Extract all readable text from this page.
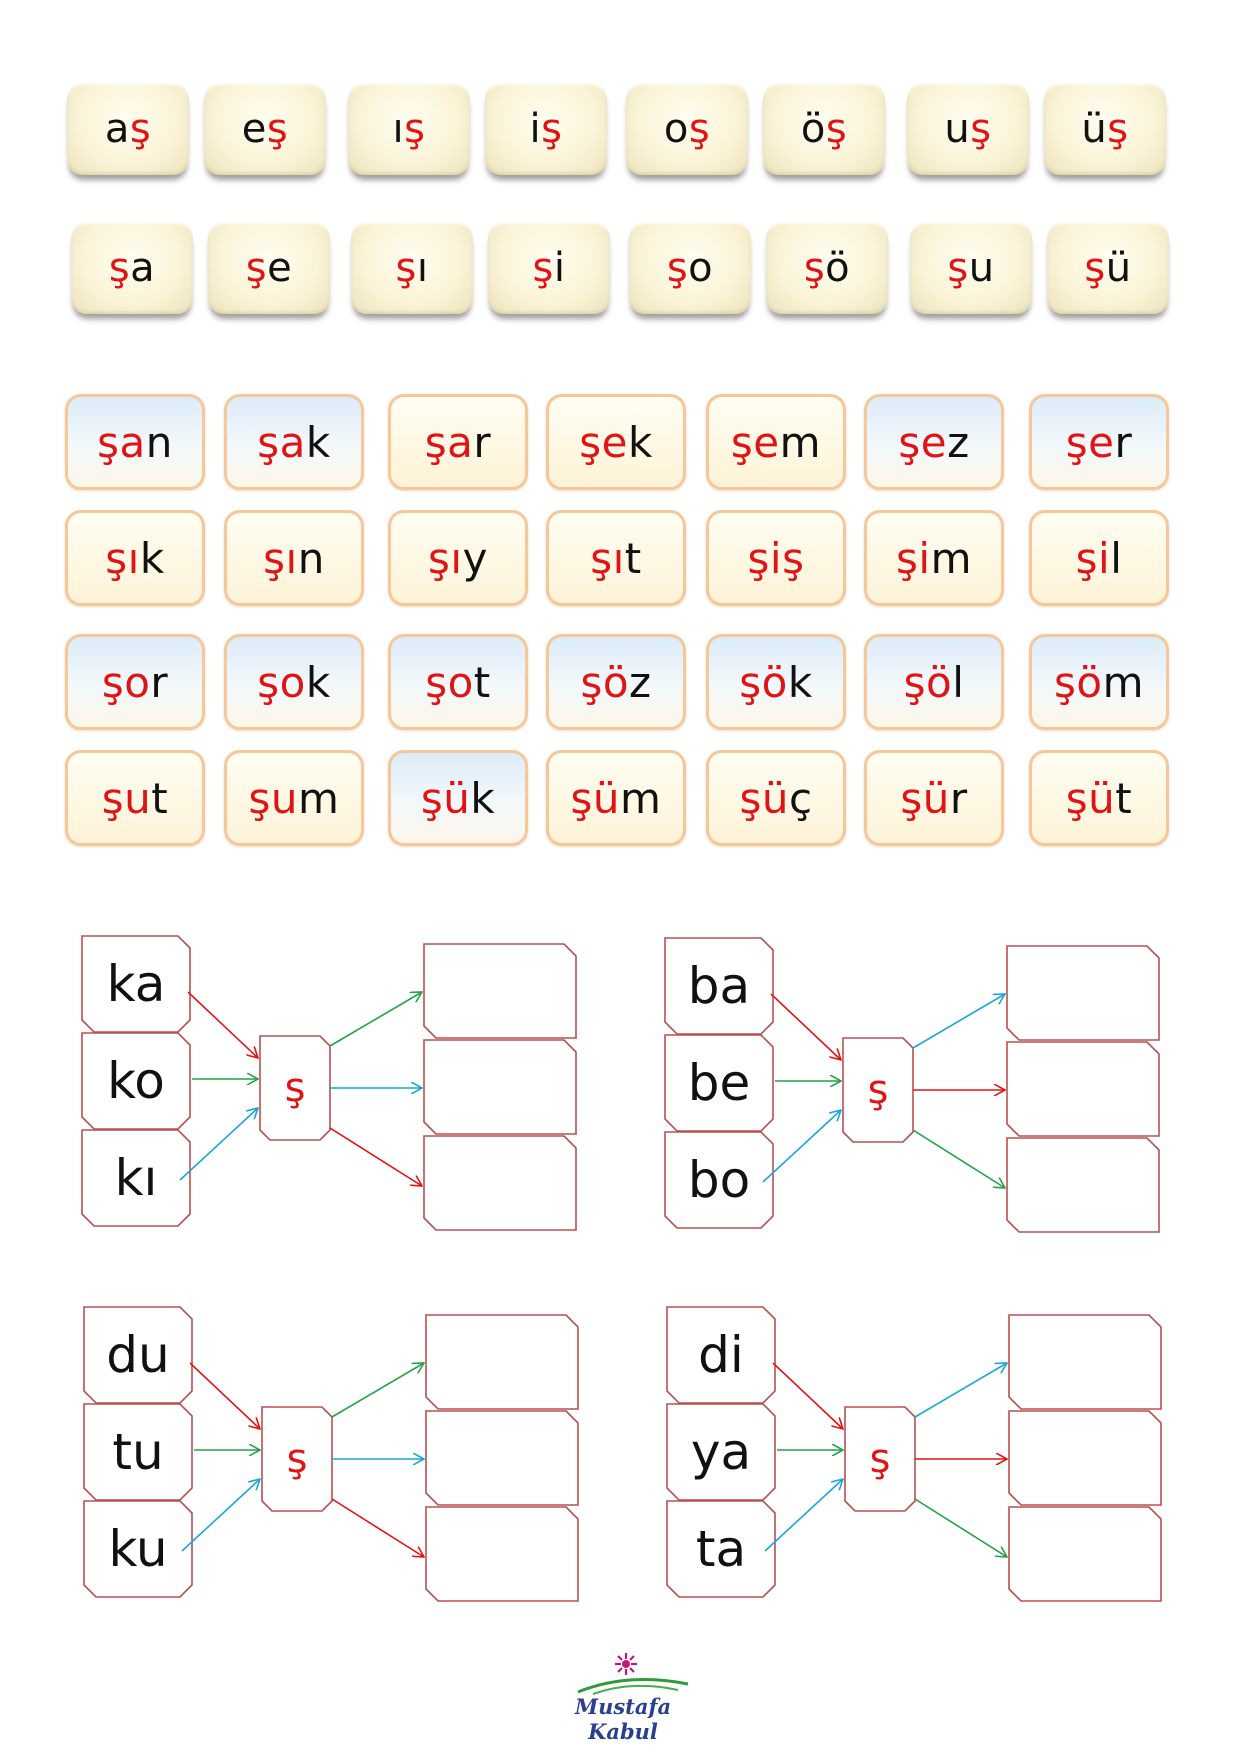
a ş e ş	ı ş	i ş	o ş ö ş u ş ü ş
ş a ş e	ş ı	ş i	ş o ş ö ş u ş ü
şa n şa k şa r şe k şe m şe z şe r
şı k şı n şı y şı t	şi ş şi m şi l
şo r şo k şo t şö z şö k şö l şö m
şu t şu m şü k şü m şü ç şü r şü t
ka
ko
kı
ş
ba
be
bo
ş
du
tu
ku
ş
di
ya
ta
ş
Mustafa Kabul
